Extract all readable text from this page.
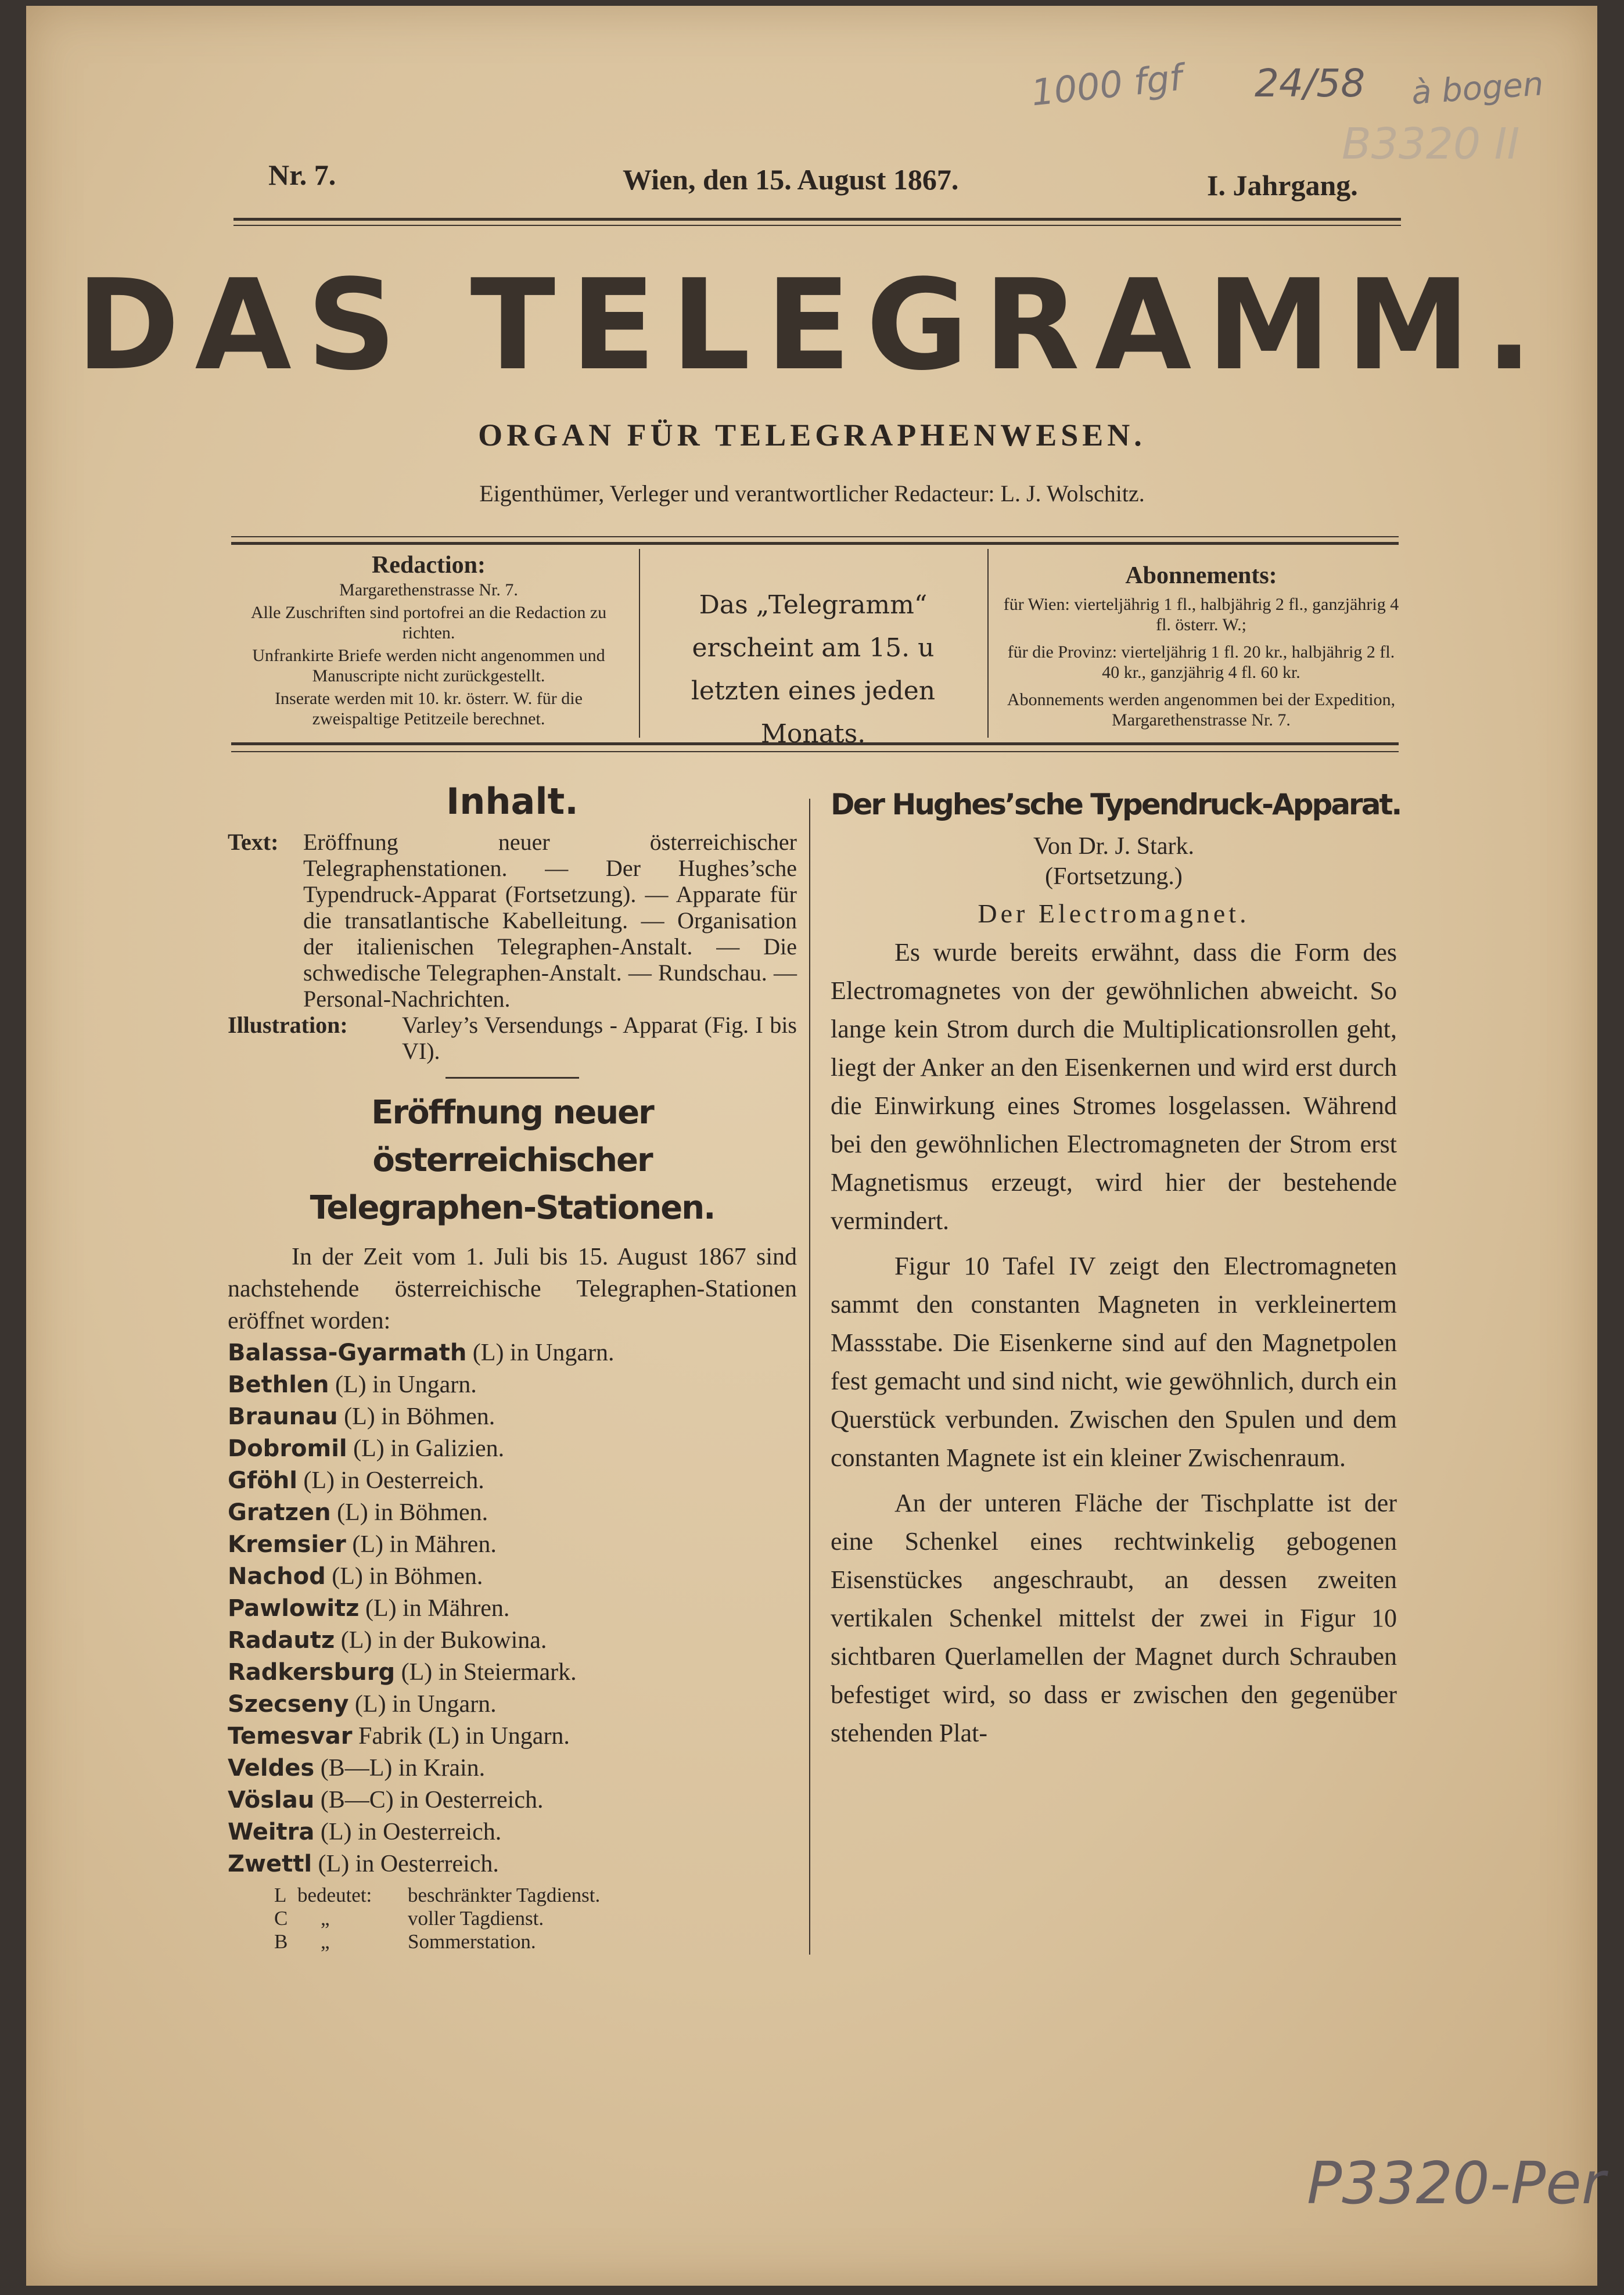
1000 fgf 24/58 à bogen
B3320 II
P3320-Per
Nr. 7.	Wien, den 15. August 1867.	I. Jahrgang.
DAS TELEGRAMM.
ORGAN FÜR TELEGRAPHENWESEN.
Eigenthümer, Verleger und verantwortlicher Redacteur: L. J. Wolschitz.

Redaction:

Margarethenstrasse Nr. 7.

Alle Zuschriften sind portofrei an die Redaction zu richten.

Unfrankirte Briefe werden nicht angenommen und Manuscripte nicht zurückgestellt.

Inserate werden mit 10. kr. österr. W. für die zweispaltige Petitzeile berechnet.

Das „Telegramm“ erscheint am 15. u letzten eines jeden Monats.

Abonnements:

für Wien: vierteljährig 1 fl., halbjährig 2 fl., ganzjährig 4 fl. österr. W.;

für die Provinz: vierteljährig 1 fl. 20 kr., halbjährig 2 fl. 40 kr., ganzjährig 4 fl. 60 kr.

Abonnements werden angenommen bei der Expedition, Margarethenstrasse Nr. 7.

Inhalt.

Text:	Eröffnung neuer österreichischer Telegraphenstationen. — Der Hughes’sche Typendruck-Apparat (Fortsetzung). — Apparate für die transatlantische Kabelleitung. — Organisation der italienischen Telegraphen-Anstalt. — Die schwedische Telegraphen-Anstalt. — Rundschau. — Personal-Nachrichten.
Illustration:	Varley’s Versendungs - Apparat (Fig. I bis VI).

Eröffnung neuer österreichischer

Telegraphen-Stationen.

In der Zeit vom 1. Juli bis 15. August 1867 sind nachstehende österreichische Telegraphen-Stationen eröffnet worden:

Balassa-Gyarmath (L) in Ungarn.
Bethlen (L) in Ungarn.
Braunau (L) in Böhmen.
Dobromil (L) in Galizien.
Gföhl (L) in Oesterreich.
Gratzen (L) in Böhmen.
Kremsier (L) in Mähren.
Nachod (L) in Böhmen.
Pawlowitz (L) in Mähren.
Radautz (L) in der Bukowina.
Radkersburg (L) in Steiermark.
Szecseny (L) in Ungarn.
Temesvar Fabrik (L) in Ungarn.
Veldes (B—L) in Krain.
Vöslau (B—C) in Oesterreich.
Weitra (L) in Oesterreich.
Zwettl (L) in Oesterreich.
L bedeutet: beschränkter Tagdienst.
C „	voller Tagdienst.
B „	Sommerstation.

Der Hughes’sche Typendruck-Apparat.

Von Dr. J. Stark.

(Fortsetzung.)

Der Electromagnet.

Es wurde bereits erwähnt, dass die Form des Electromagnetes von der gewöhnlichen abweicht. So lange kein Strom durch die Multiplicationsrollen geht, liegt der Anker an den Eisenkernen und wird erst durch die Einwirkung eines Stromes losgelassen. Während bei den gewöhnlichen Electromagneten der Strom erst Magnetismus erzeugt, wird hier der bestehende vermindert.

Figur 10 Tafel IV zeigt den Electromagneten sammt den constanten Magneten in verkleinertem Massstabe. Die Eisenkerne sind auf den Magnetpolen fest gemacht und sind nicht, wie gewöhnlich, durch ein Querstück verbunden. Zwischen den Spulen und dem constanten Magnete ist ein kleiner Zwischenraum.

An der unteren Fläche der Tischplatte ist der eine Schenkel eines rechtwinkelig gebogenen Eisenstückes angeschraubt, an dessen zweiten vertikalen Schenkel mittelst der zwei in Figur 10 sichtbaren Querlamellen der Magnet durch Schrauben befestiget wird, so dass er zwischen den gegenüber stehenden Plat-
